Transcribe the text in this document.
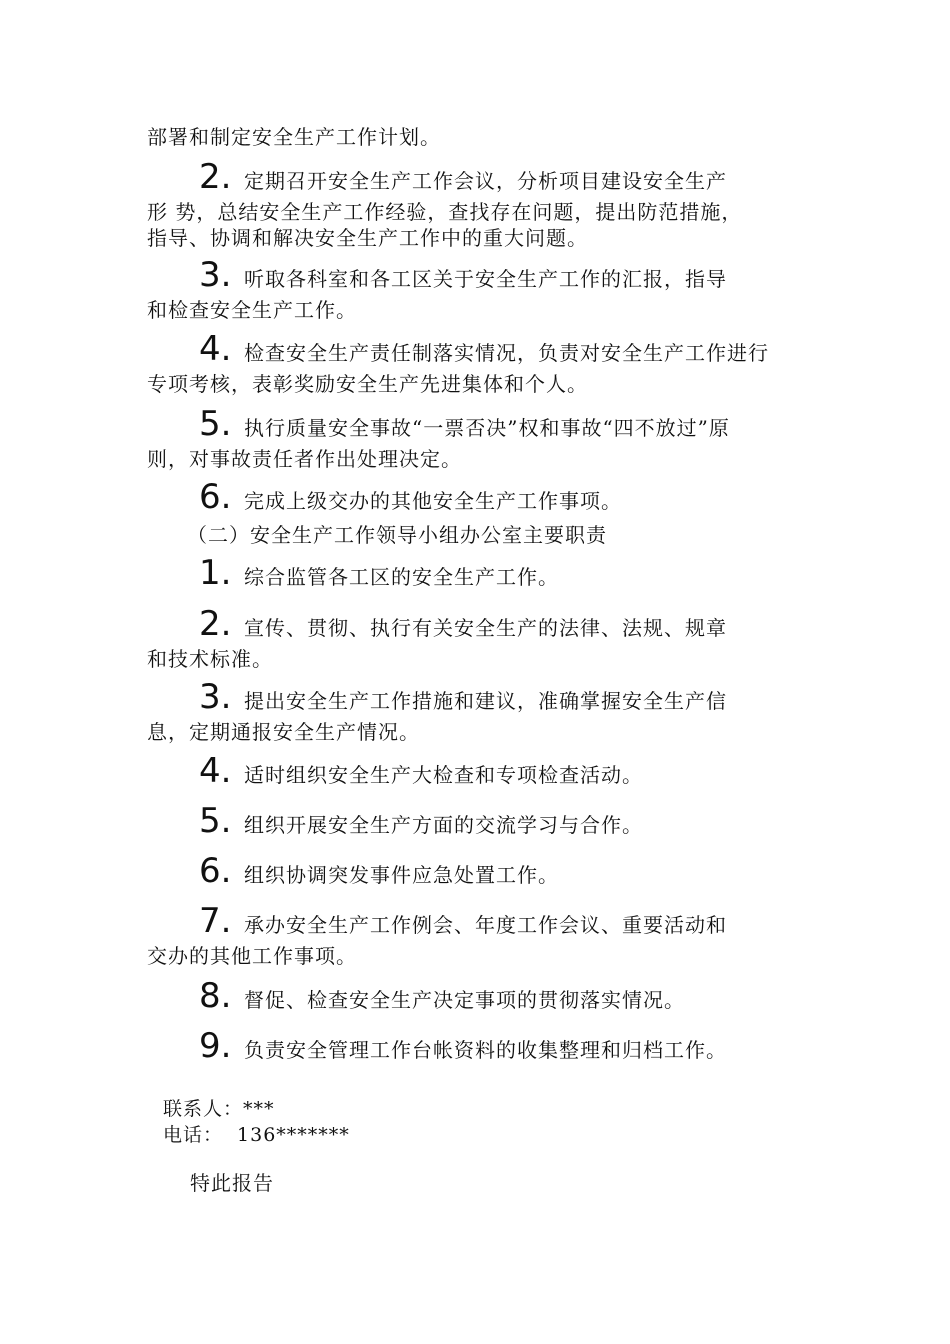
部署和制定安全生产工作计划。
2. 定期召开安全生产工作会议，分析项目建设安全生产
形 势，总结安全生产工作经验，查找存在问题，提出防范措施，
指导、协调和解决安全生产工作中的重大问题。
3. 听取各科室和各工区关于安全生产工作的汇报，指导
和检查安全生产工作。
4. 检查安全生产责任制落实情况，负责对安全生产工作进行
专项考核，表彰奖励安全生产先进集体和个人。
5. 执行质量安全事故“一票否决”权和事故“四不放过”原
则，对事故责任者作出处理决定。
6. 完成上级交办的其他安全生产工作事项。
（二）安全生产工作领导小组办公室主要职责
1. 综合监管各工区的安全生产工作。
2. 宣传、贯彻、执行有关安全生产的法律、法规、规章
和技术标准。
3. 提出安全生产工作措施和建议，准确掌握安全生产信
息，定期通报安全生产情况。
4. 适时组织安全生产大检查和专项检查活动。
5. 组织开展安全生产方面的交流学习与合作。
6. 组织协调突发事件应急处置工作。
7. 承办安全生产工作例会、年度工作会议、重要活动和
交办的其他工作事项。
8. 督促、检查安全生产决定事项的贯彻落实情况。
9. 负责安全管理工作台帐资料的收集整理和归档工作。
联系人：***
电话： 136*******
特此报告
